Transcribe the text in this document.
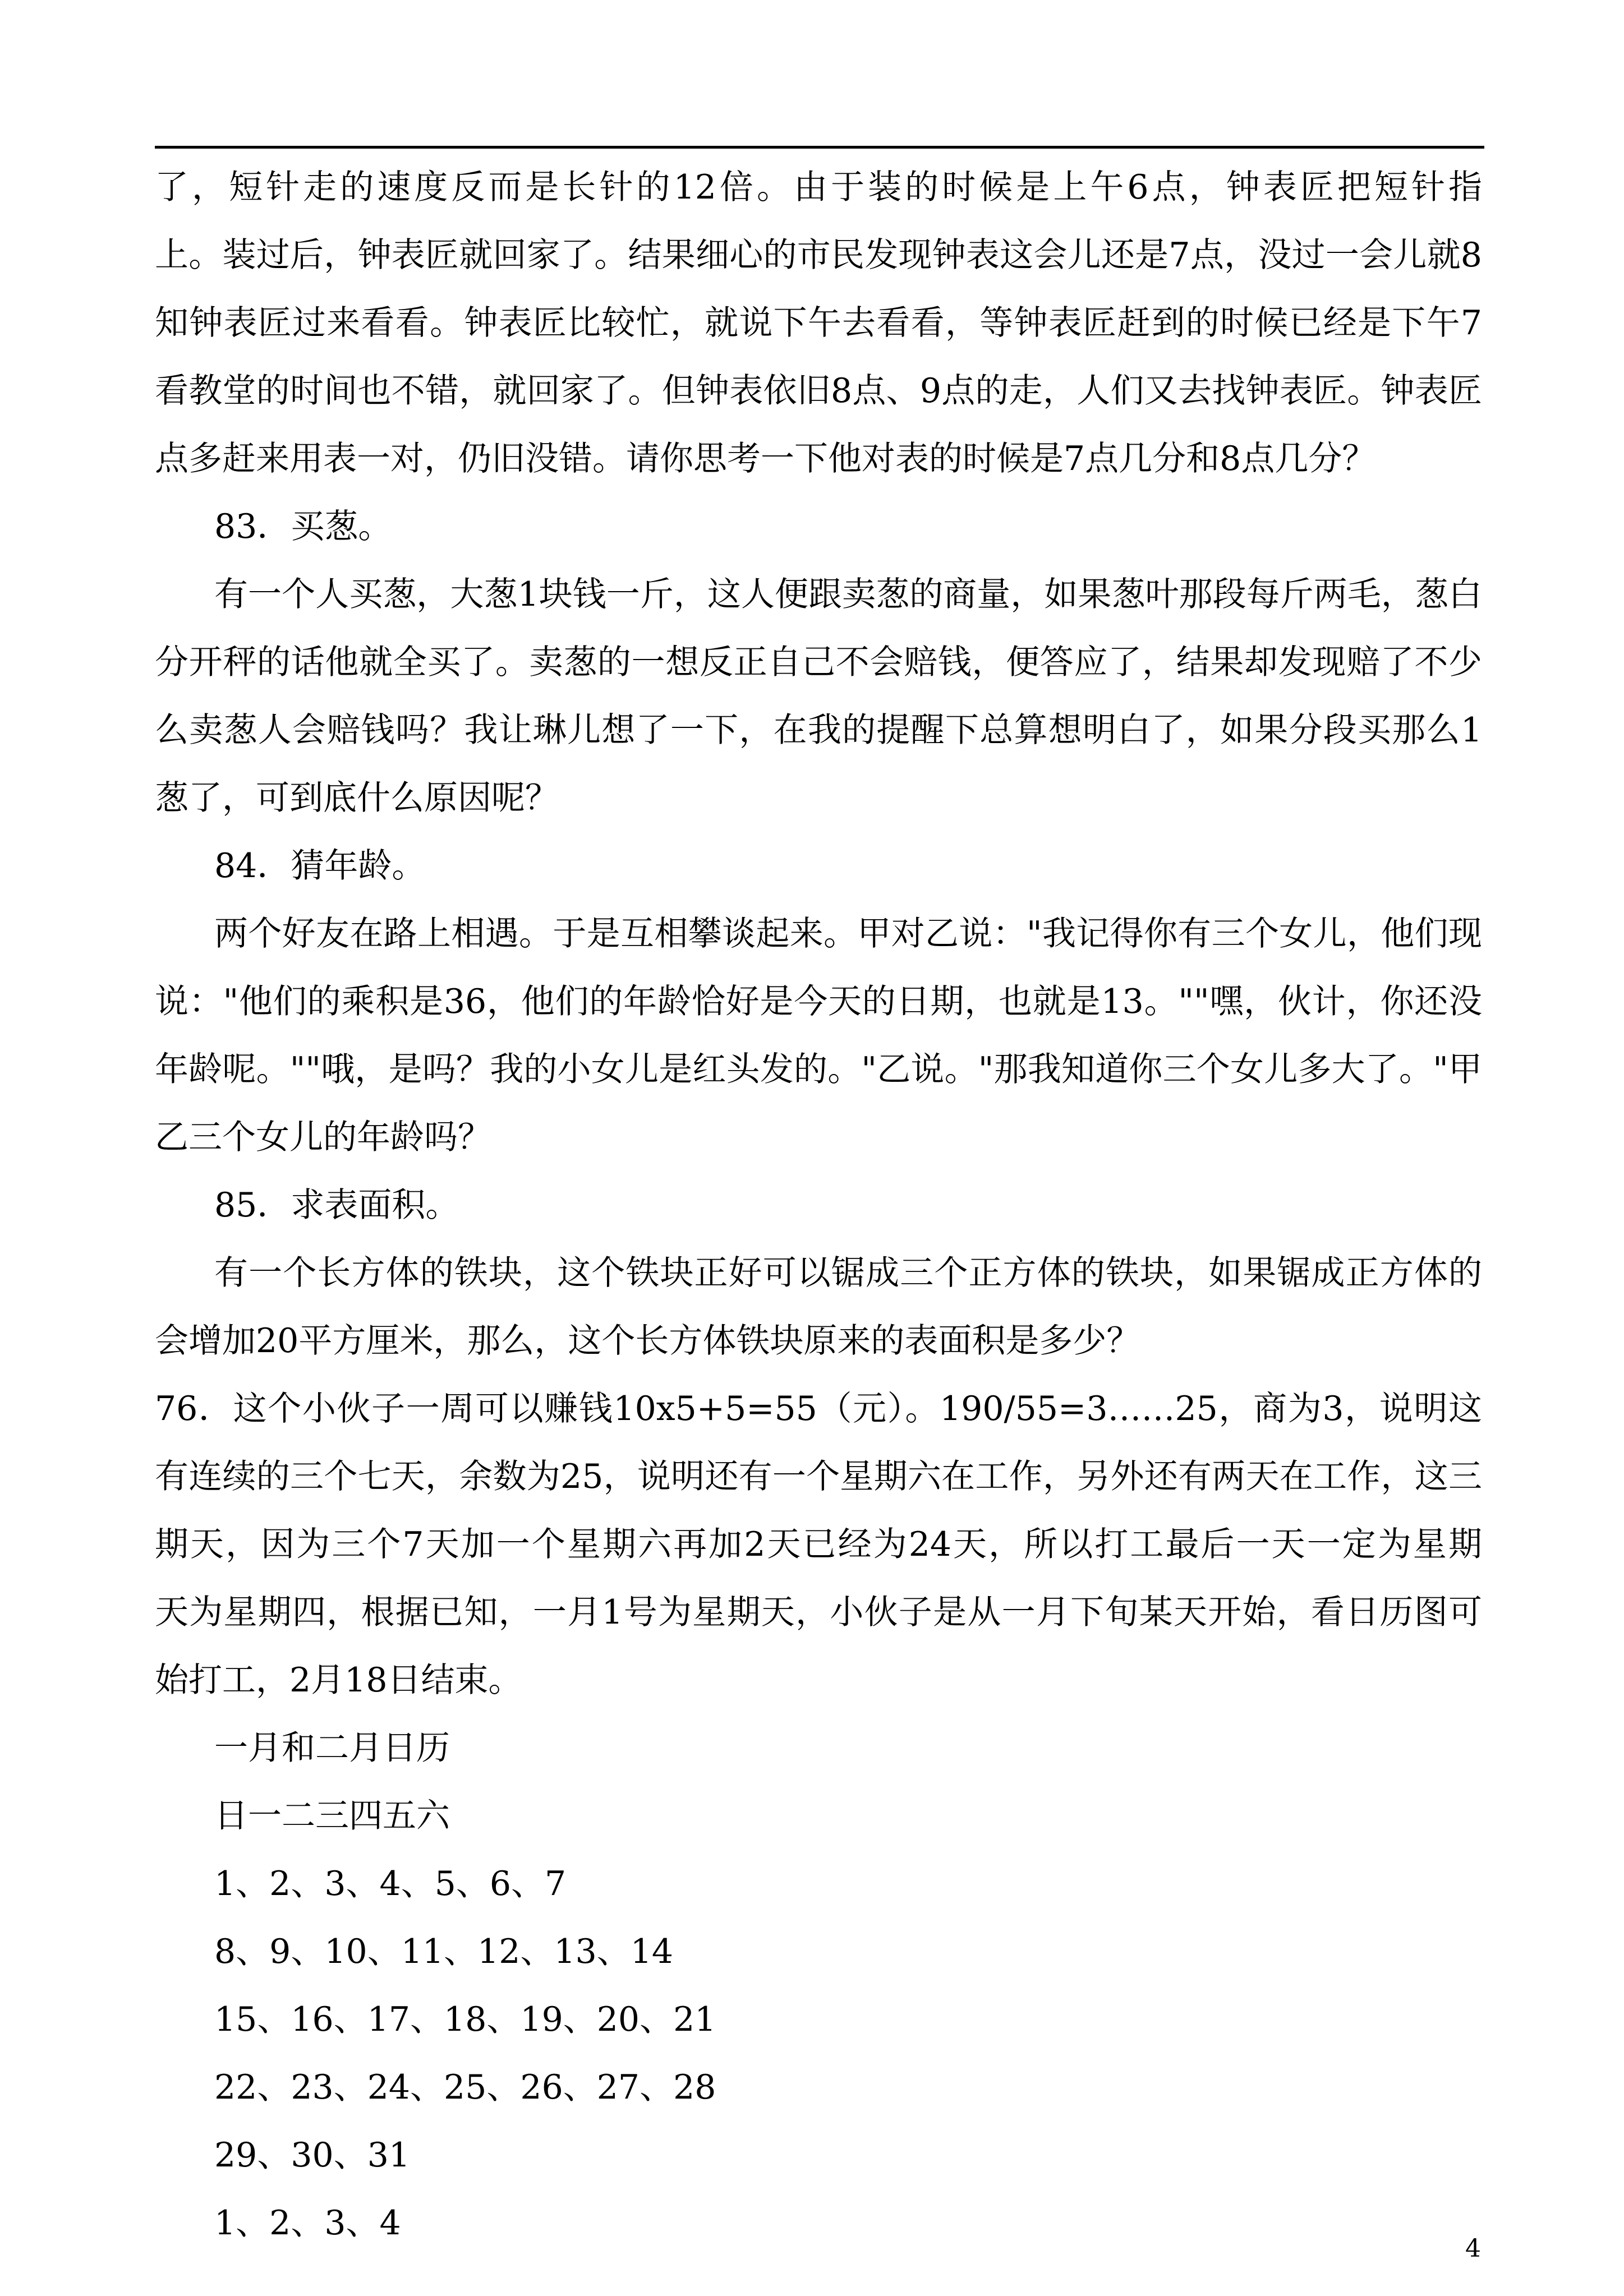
了，短针走的速度反而是长针的12倍。由于装的时候是上午6点，钟表匠把短针指
上。装过后，钟表匠就回家了。结果细心的市民发现钟表这会儿还是7点，没过一会儿就8
知钟表匠过来看看。钟表匠比较忙，就说下午去看看，等钟表匠赶到的时候已经是下午7
看教堂的时间也不错，就回家了。但钟表依旧8点、9点的走，人们又去找钟表匠。钟表匠
点多赶来用表一对，仍旧没错。请你思考一下他对表的时候是7点几分和8点几分？
83．买葱。
有一个人买葱，大葱1块钱一斤，这人便跟卖葱的商量，如果葱叶那段每斤两毛，葱白
分开秤的话他就全买了。卖葱的一想反正自己不会赔钱，便答应了，结果却发现赔了不少
么卖葱人会赔钱吗？我让琳儿想了一下，在我的提醒下总算想明白了，如果分段买那么1
葱了，可到底什么原因呢？
84．猜年龄。
两个好友在路上相遇。于是互相攀谈起来。甲对乙说："我记得你有三个女儿，他们现
说："他们的乘积是36，他们的年龄恰好是今天的日期，也就是13。""嘿，伙计，你还没
年龄呢。""哦，是吗？我的小女儿是红头发的。"乙说。"那我知道你三个女儿多大了。"甲
乙三个女儿的年龄吗？
85．求表面积。
有一个长方体的铁块，这个铁块正好可以锯成三个正方体的铁块，如果锯成正方体的
会增加20平方厘米，那么，这个长方体铁块原来的表面积是多少？
76．这个小伙子一周可以赚钱10x5+5=55（元）。190/55=3……25，商为3，说明这
有连续的三个七天，余数为25，说明还有一个星期六在工作，另外还有两天在工作，这三
期天，因为三个7天加一个星期六再加2天已经为24天，所以打工最后一天一定为星期
天为星期四，根据已知，一月1号为星期天，小伙子是从一月下旬某天开始，看日历图可
始打工，2月18日结束。
一月和二月日历
日一二三四五六
1、2、3、4、5、6、7
8、9、10、11、12、13、14
15、16、17、18、19、20、21
22、23、24、25、26、27、28
29、30、31
1、2、3、4
4
